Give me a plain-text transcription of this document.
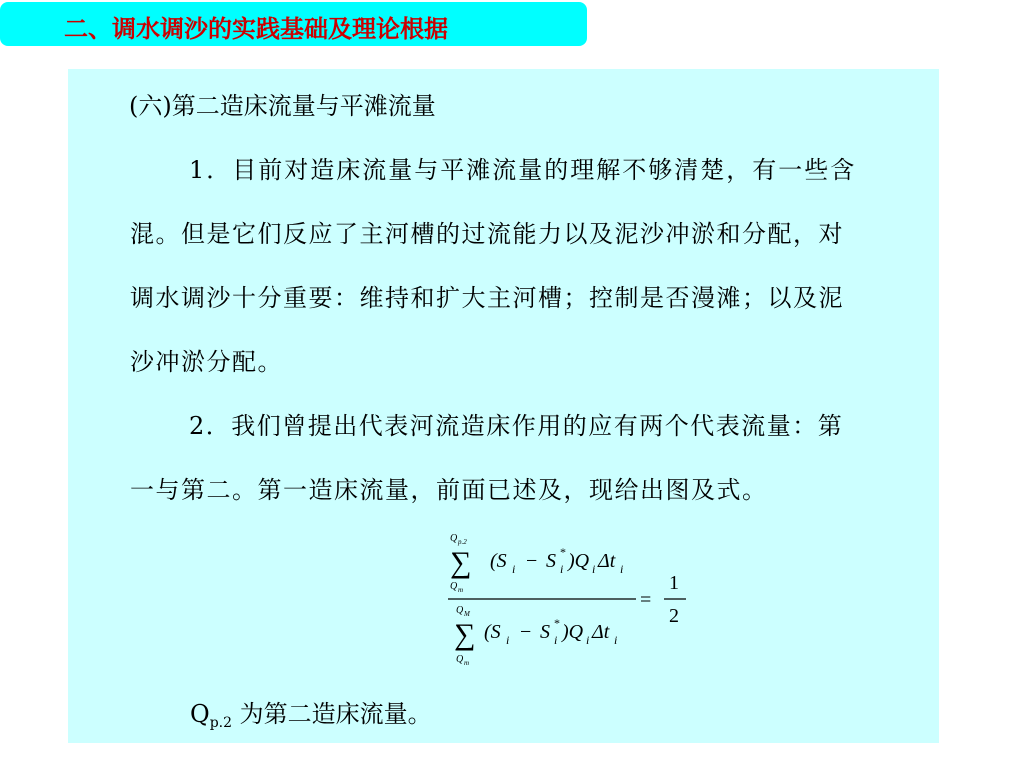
二、调水调沙的实践基础及理论根据
(六)第二造床流量与平滩流量
1．目前对造床流量与平滩流量的理解不够清楚，有一些含
混。但是它们反应了主河槽的过流能力以及泥沙冲淤和分配，对
调水调沙十分重要：维持和扩大主河槽；控制是否漫滩；以及泥
沙冲淤分配。
2．我们曾提出代表河流造床作用的应有两个代表流量：第
一与第二。第一造床流量，前面已述及，现给出图及式。
Q p.2
∑
Q m
(S i − S *
i )Q i Δt i
Q M
∑
Q m
(S i − S *
i )Q i Δt i
=
1
2
$Q_{p.2}$ 为第二造床流量。
